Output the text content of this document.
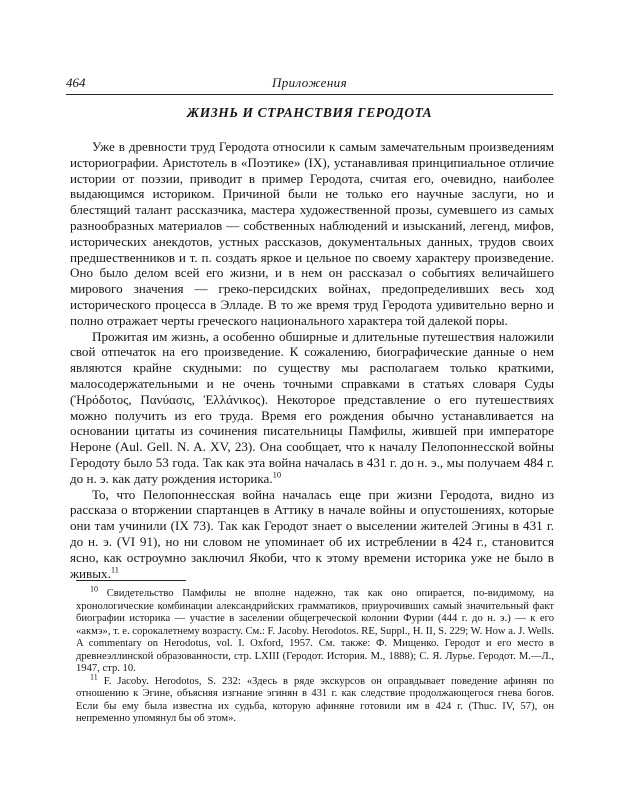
464	Приложения
ЖИЗНЬ И СТРАНСТВИЯ ГЕРОДОТА

Уже в древности труд Геродота относили к самым замечательным произведениям историографии. Аристотель в «Поэтике» (IX), устанавливая принципиальное отличие истории от поэзии, приводит в пример Геродота, считая его, очевидно, наиболее выдающимся историком. Причиной были не только его научные заслуги, но и блестящий талант рассказчика, мастера художественной прозы, сумевшего из самых разнообразных материалов — собственных наблюдений и изысканий, легенд, мифов, исторических анекдотов, устных рассказов, документальных данных, трудов своих предшественников и т. п. создать яркое и цельное по своему характеру произведение. Оно было делом всей его жизни, и в нем он рассказал о событиях величайшего мирового значения — греко-персидских войнах, предопределивших весь ход исторического процесса в Элладе. В то же время труд Геродота удивительно верно и полно отражает черты греческого национального характера той далекой поры.

Прожитая им жизнь, а особенно обширные и длительные путешествия наложили свой отпечаток на его произведение. К сожалению, биографические данные о нем являются крайне скудными: по существу мы располагаем только краткими, малосодержательными и не очень точными справками в статьях словаря Суды (Ἡρόδοτος, Πανύασις, Ἑλλάνικος). Некоторое представление о его путешествиях можно получить из его труда. Время его рождения обычно устанавливается на основании цитаты из сочинения писательницы Памфилы, жившей при императоре Нероне (Aul. Gell. N. A. XV, 23). Она сообщает, что к началу Пелопоннесской войны Геродоту было 53 года. Так как эта война началась в 431 г. до н. э., мы получаем 484 г. до н. э. как дату рождения историка.$^{10}$

То, что Пелопоннесская война началась еще при жизни Геродота, видно из рассказа о вторжении спартанцев в Аттику в начале войны и опустошениях, которые они там учинили (IX 73). Так как Геродот знает о выселении жителей Эгины в 431 г. до н. э. (VI 91), но ни словом не упоминает об их истреблении в 424 г., становится ясно, как остроумно заключил Якоби, что к этому времени историка уже не было в живых.$^{11}$

$^{10}$ Свидетельство Памфилы не вполне надежно, так как оно опирается, по-видимому, на хронологические комбинации александрийских грамматиков, приурочивших самый значительный факт биографии историка — участие в заселении общегреческой колонии Фурии (444 г. до н. э.) — к его «акмэ», т. е. сорокалетнему возрасту. См.: F. Jacoby. Herodotos. RE, Suppl., H. II, S. 229; W. How a. J. Wells. A commentary on Herodotus, vol. I. Oxford, 1957. См. также: Ф. Мищенко. Геродот и его место в древнеэллинской образованности, стр. LXIII (Геродот. История. М., 1888); С. Я. Лурье. Геродот. М.—Л., 1947, стр. 10.

$^{11}$ F. Jacoby. Herodotos, S. 232: «Здесь в ряде экскурсов он оправдывает поведение афинян по отношению к Эгине, объясняя изгнание эгинян в 431 г. как следствие продолжающегося гнева богов. Если бы ему была известна их судьба, которую афиняне готовили им в 424 г. (Thuc. IV, 57), он непременно упомянул бы об этом».
